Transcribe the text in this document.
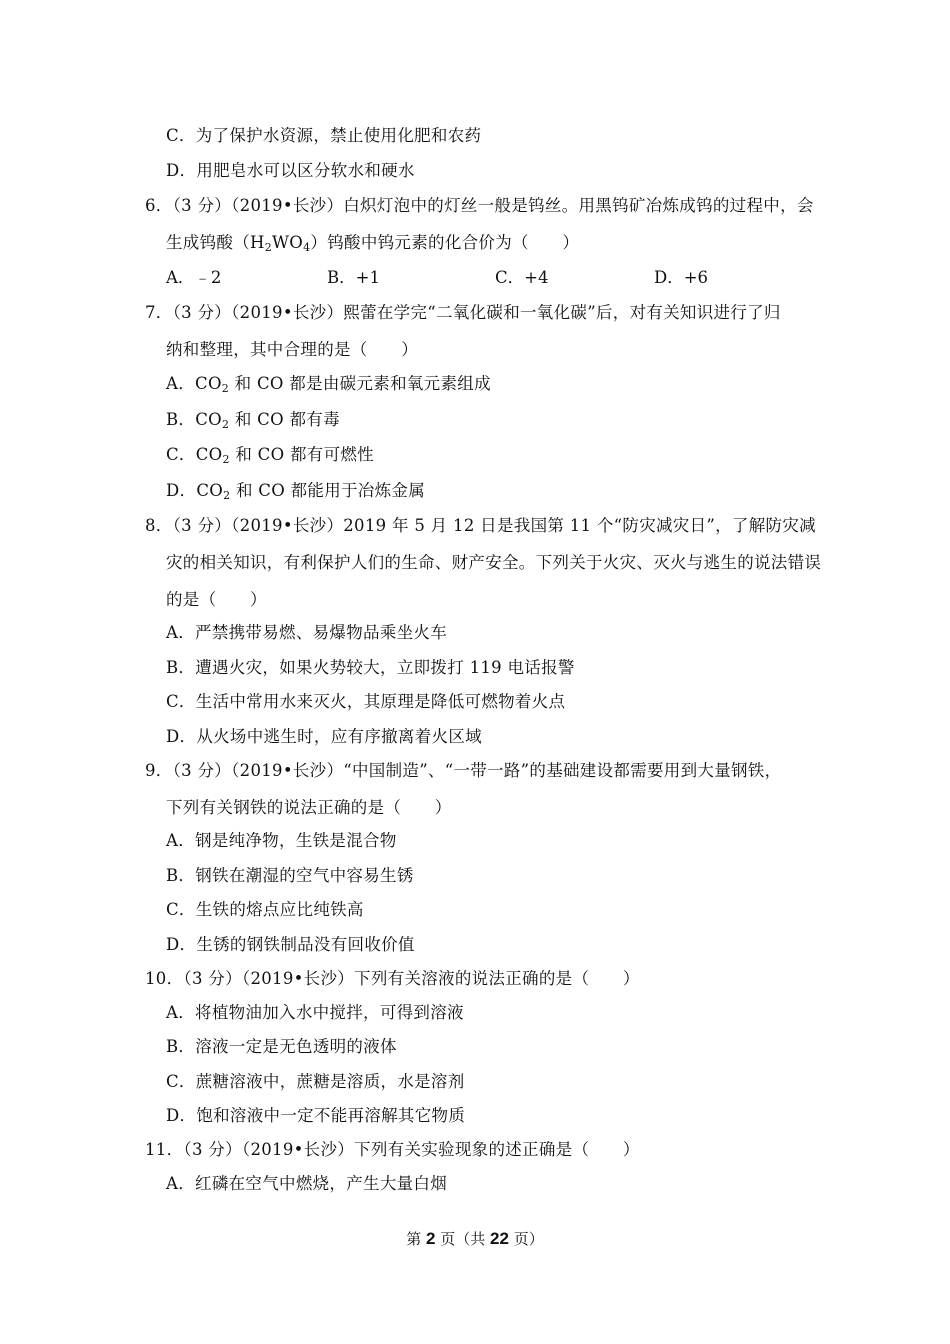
C．为了保护水资源，禁止使用化肥和农药
D．用肥皂水可以区分软水和硬水
6．（3 分）（2019•长沙）白炽灯泡中的灯丝一般是钨丝。用黑钨矿冶炼成钨的过程中，会
生成钨酸$(H_2WO_4)$钨酸中钨元素的化合价为（　　）
A．﹣2	B．+1	C．+4	D．+6
7．（3 分）（2019•长沙）熙蕾在学完“二氧化碳和一氧化碳”后，对有关知识进行了归
纳和整理，其中合理的是（　　）
A．$CO_2$ 和 CO 都是由碳元素和氧元素组成
B．$CO_2$ 和 CO 都有毒
C．$CO_2$ 和 CO 都有可燃性
D．$CO_2$ 和 CO 都能用于冶炼金属
8．（3 分）（2019•长沙）2019 年 5 月 12 日是我国第 11 个“防灾减灾日”，了解防灾减
灾的相关知识，有利保护人们的生命、财产安全。下列关于火灾、灭火与逃生的说法错误
的是（　　）
A．严禁携带易燃、易爆物品乘坐火车
B．遭遇火灾，如果火势较大，立即拨打 119 电话报警
C．生活中常用水来灭火，其原理是降低可燃物着火点
D．从火场中逃生时，应有序撤离着火区域
9．（3 分）（2019•长沙）“中国制造”、“一带一路”的基础建设都需要用到大量钢铁，
下列有关钢铁的说法正确的是（　　）
A．钢是纯净物，生铁是混合物
B．钢铁在潮湿的空气中容易生锈
C．生铁的熔点应比纯铁高
D．生锈的钢铁制品没有回收价值
10．（3 分）（2019•长沙）下列有关溶液的说法正确的是（　　）
A．将植物油加入水中搅拌，可得到溶液
B．溶液一定是无色透明的液体
C．蔗糖溶液中，蔗糖是溶质，水是溶剂
D．饱和溶液中一定不能再溶解其它物质
11．（3 分）（2019•长沙）下列有关实验现象的述正确是（　　）
A．红磷在空气中燃烧，产生大量白烟
第 2 页（共 22 页）
